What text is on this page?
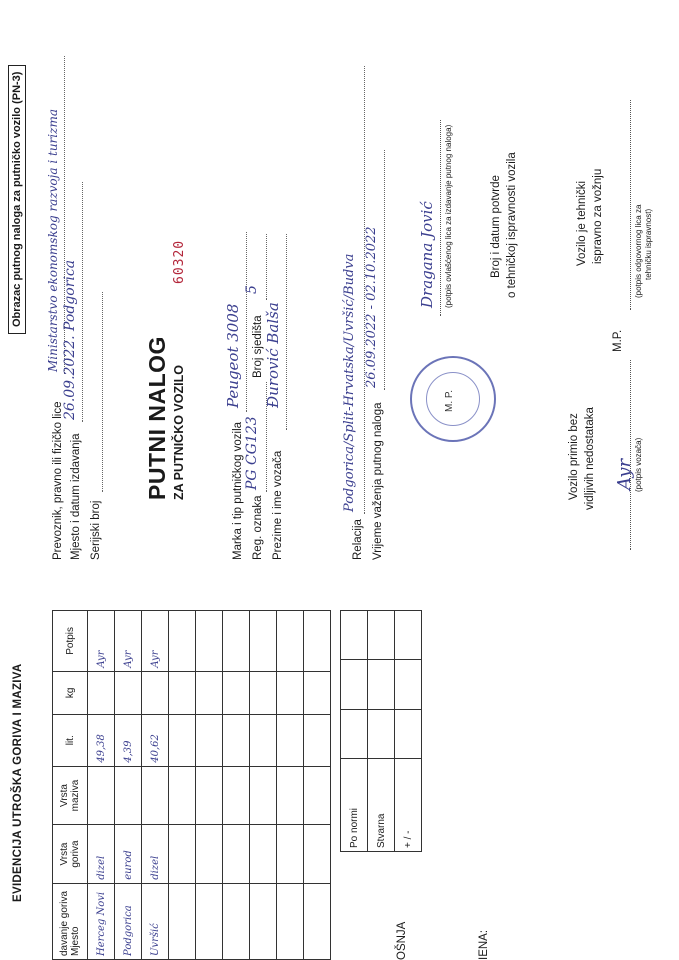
EVIDENCIJA UTROŠKA GORIVA I MAZIVA
davanje goriva
Mjesto	Vrsta goriva	Vrsta maziva	lit.	kg	Potpis
Herceg Novi	dizel		49,38		Ayr
Podgorica	eurod		4,39		Ayr
Uvršić	dizel		40,62		Ayr

Po normi			
Stvarna			
+ / -			
OŠNJA	IENA:
Obrazac putnog naloga za putničko vozilo (PN-3)
Prevoznik, pravno ili fizičko lice
Ministarstvo ekonomskog razvoja i turizma
Mjesto i datum izdavanja
26.09.2022. Podgorica
Serijski broj
PUTNI NALOG ZA PUTNIČKO VOZILO
60320
Marka i tip putničkog vozila
Peugeot 3008
Reg. oznaka
PG CG123
Broj sjedišta
5
Prezime i ime vozača
Đurović Balša
Relacija
Podgorica/Split-Hrvatska/Uvršić/Budva Vrijeme važenja putnog naloga
26.09.2022 - 02.10.2022
M. P.
Dragana Jović (potpis ovlašćenog lica za izdavanje putnog naloga)	Broj i datum potvrde o tehničkoj ispravnosti vozila
Vozilo primio bez vidljivih nedostataka Ayr (potpis vozača)
M.P.
Vozilo je tehnički ispravno za vožnju	(potpis odgovornog lica za tehničku ispravnost)
